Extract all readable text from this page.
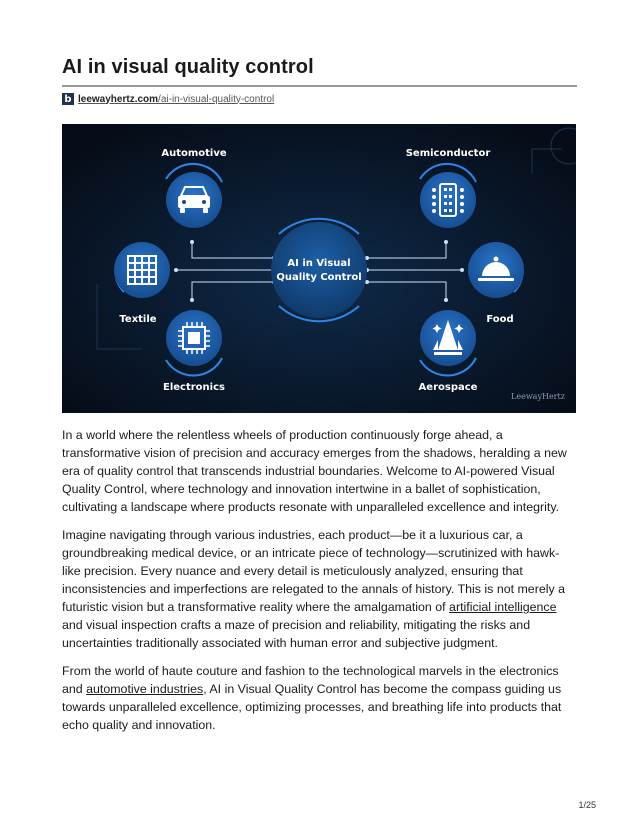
AI in visual quality control
b leewayhertz.com/ai-in-visual-quality-control
AI in Visual
Quality Control
Automotive	Semiconductor
Textile	Food
Electronics	Aerospace
LeewayHertz

In a world where the relentless wheels of production continuously forge ahead, a transformative vision of precision and accuracy emerges from the shadows, heralding a new era of quality control that transcends industrial boundaries. Welcome to AI-powered Visual Quality Control, where technology and innovation intertwine in a ballet of sophistication, cultivating a landscape where products resonate with unparalleled excellence and integrity.

Imagine navigating through various industries, each product—be it a luxurious car, a groundbreaking medical device, or an intricate piece of technology—scrutinized with hawk-like precision. Every nuance and every detail is meticulously analyzed, ensuring that inconsistencies and imperfections are relegated to the annals of history. This is not merely a futuristic vision but a transformative reality where the amalgamation of artificial intelligence and visual inspection crafts a maze of precision and reliability, mitigating the risks and uncertainties traditionally associated with human error and subjective judgment.

From the world of haute couture and fashion to the technological marvels in the electronics and automotive industries, AI in Visual Quality Control has become the compass guiding us towards unparalleled excellence, optimizing processes, and breathing life into products that echo quality and innovation.

1/25
